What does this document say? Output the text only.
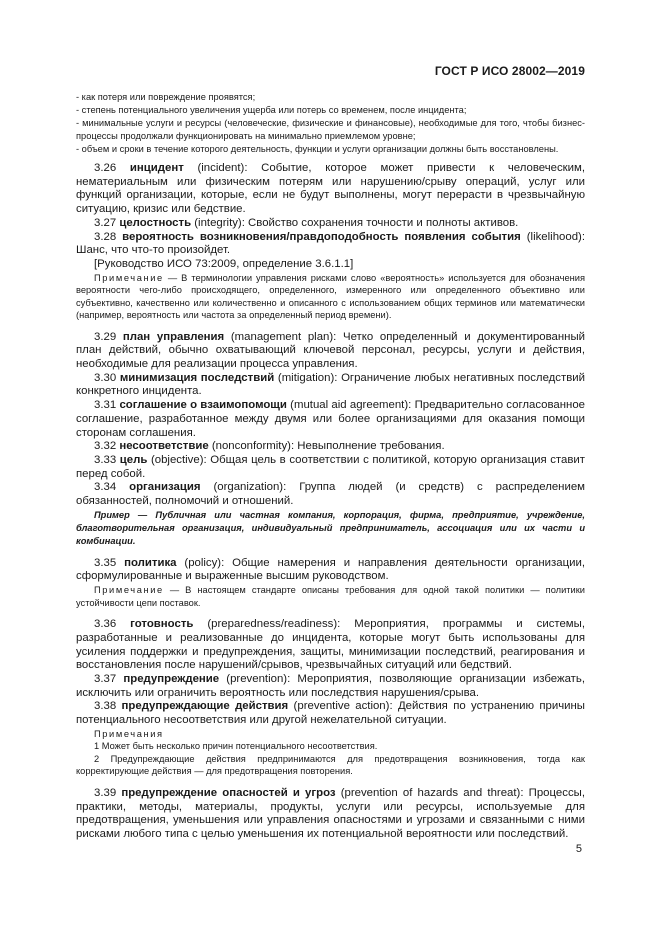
ГОСТ Р ИСО 28002—2019

- как потеря или повреждение проявятся;

- степень потенциального увеличения ущерба или потерь со временем, после инцидента;

- минимальные услуги и ресурсы (человеческие, физические и финансовые), необходимые для того, чтобы бизнес-процессы продолжали функционировать на минимально приемлемом уровне;

- объем и сроки в течение которого деятельность, функции и услуги организации должны быть восстановлены.

3.26 инцидент (incident): Событие, которое может привести к человеческим, нематериальным или физическим потерям или нарушению/срыву операций, услуг или функций организации, которые, если не будут выполнены, могут перерасти в чрезвычайную ситуацию, кризис или бедствие.

3.27 целостность (integrity): Свойство сохранения точности и полноты активов.

3.28 вероятность возникновения/правдоподобность появления события (likelihood): Шанс, что что-то произойдет.

[Руководство ИСО 73:2009, определение 3.6.1.1]

Примечание — В терминологии управления рисками слово «вероятность» используется для обозначения вероятности чего-либо происходящего, определенного, измеренного или определенного объективно или субъективно, качественно или количественно и описанного с использованием общих терминов или математически (например, вероятность или частота за определенный период времени).

3.29 план управления (management plan): Четко определенный и документированный план действий, обычно охватывающий ключевой персонал, ресурсы, услуги и действия, необходимые для реализации процесса управления.

3.30 минимизация последствий (mitigation): Ограничение любых негативных последствий конкретного инцидента.

3.31 соглашение о взаимопомощи (mutual aid agreement): Предварительно согласованное соглашение, разработанное между двумя или более организациями для оказания помощи сторонам соглашения.

3.32 несоответствие (nonconformity): Невыполнение требования.

3.33 цель (objective): Общая цель в соответствии с политикой, которую организация ставит перед собой.

3.34 организация (organization): Группа людей (и средств) с распределением обязанностей, полномочий и отношений.

Пример — Публичная или частная компания, корпорация, фирма, предприятие, учреждение, благотворительная организация, индивидуальный предприниматель, ассоциация или их части и комбинации.

3.35 политика (policy): Общие намерения и направления деятельности организации, сформулированные и выраженные высшим руководством.

Примечание — В настоящем стандарте описаны требования для одной такой политики — политики устойчивости цепи поставок.

3.36 готовность (preparedness/readiness): Мероприятия, программы и системы, разработанные и реализованные до инцидента, которые могут быть использованы для усиления поддержки и предупреждения, защиты, минимизации последствий, реагирования и восстановления после нарушений/срывов, чрезвычайных ситуаций или бедствий.

3.37 предупреждение (prevention): Мероприятия, позволяющие организации избежать, исключить или ограничить вероятность или последствия нарушения/срыва.

3.38 предупреждающие действия (preventive action): Действия по устранению причины потенциального несоответствия или другой нежелательной ситуации.

Примечания

1 Может быть несколько причин потенциального несоответствия.

2 Предупреждающие действия предпринимаются для предотвращения возникновения, тогда как корректирующие действия — для предотвращения повторения.

3.39 предупреждение опасностей и угроз (prevention of hazards and threat): Процессы, практики, методы, материалы, продукты, услуги или ресурсы, используемые для предотвращения, уменьшения или управления опасностями и угрозами и связанными с ними рисками любого типа с целью уменьшения их потенциальной вероятности или последствий.

5
